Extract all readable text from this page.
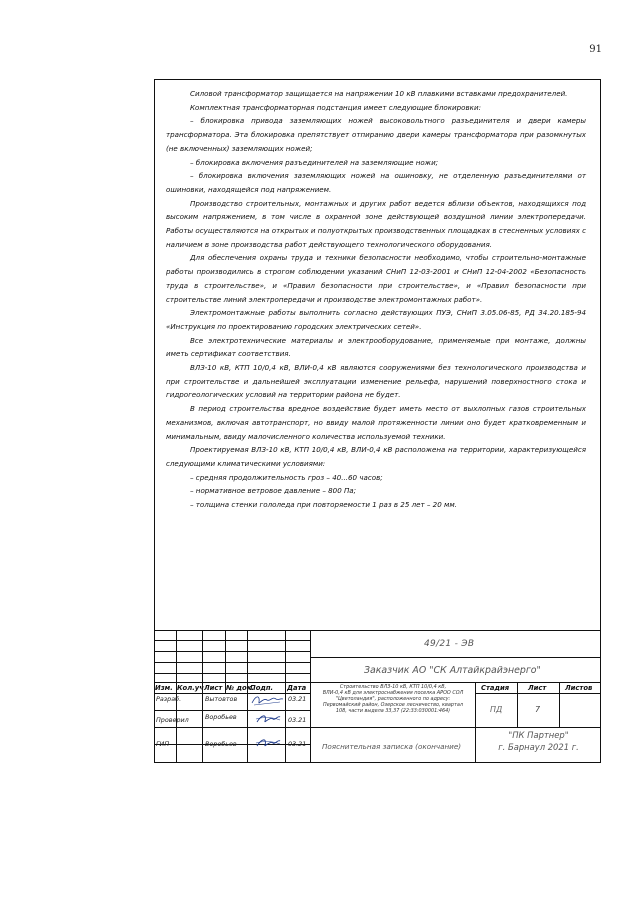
91

Силовой трансформатор защищается на напряжении 10 кВ плавкими вставками предохранителей.

Комплектная трансформаторная подстанция имеет следующие блокировки:

– блокировка привода заземляющих ножей высоковольтного разъединителя и двери камеры трансформатора. Эта блокировка препятствует отпиранию двери камеры трансформатора при разомкнутых (не включенных) заземляющих ножей;

– блокировка включения разъединителей на заземляющие ножи;

– блокировка включения заземляющих ножей на ошиновку, не отделенную разъединителями от ошиновки, находящейся под напряжением.

Производство строительных, монтажных и других работ ведется вблизи объектов, находящихся под высоким напряжением, в том числе в охранной зоне действующей воздушной линии электропередачи. Работы осуществляются на открытых и полуоткрытых производственных площадках в стесненных условиях с наличием в зоне производства работ действующего технологического оборудования.

Для обеспечения охраны труда и техники безопасности необходимо, чтобы строительно-монтажные работы производились в строгом соблюдении указаний СНиП 12-03-2001 и СНиП 12-04-2002 «Безопасность труда в строительстве», и «Правил безопасности при строительстве», и «Правил безопасности при строительстве линий электропередачи и производстве электромонтажных работ».

Электромонтажные работы выполнить согласно действующих ПУЭ, СНиП 3.05.06-85, РД 34.20.185-94 «Инструкция по проектированию городских электрических сетей».

Все электротехнические материалы и электрооборудование, применяемые при монтаже, должны иметь сертификат соответствия.

ВЛЗ-10 кВ, КТП 10/0,4 кВ, ВЛИ-0,4 кВ являются сооружениями без технологического производства и при строительстве и дальнейшей эксплуатации изменение рельефа, нарушений поверхностного стока и гидрогеологических условий на территории района не будет.

В период строительства вредное воздействие будет иметь место от выхлопных газов строительных механизмов, включая автотранспорт, но ввиду малой протяженности линии оно будет кратковременным и минимальным, ввиду малочисленного количества используемой техники.

Проектируемая ВЛЗ-10 кВ, КТП 10/0,4 кВ, ВЛИ-0,4 кВ расположена на территории, характеризующейся следующими климатическими условиями:

– средняя продолжительность гроз – 40...60 часов;

– нормативное ветровое давление – 800 Па;

– толщина стенки гололеда при повторяемости 1 раз в 25 лет – 20 мм.

Изм. Кол.уч Лист № док.
Подп. Дата
Разраб.	Вытовтов	03.21
Проверил	Воробьев	03.21
ГИП	Воробьев	03.21
49/21 - ЭВ
Заказчик АО "СК Алтайкрайэнерго"
Строительство ВЛЗ-10 кВ, КТП 10/0,4 кВ,
ВЛИ-0,4 кВ для электроснабжения поселка АРОО СОЛ
"Цветоландия", расположенного по адресу:
Первомайский район, Озерское лесничество, квартал
108, части выдела 33,37 (22:33:030001:464)
Стадия	Лист	Листов
ПД	7
Пояснительная записка (окончание)
"ПК Партнер"
г. Барнаул 2021 г.
